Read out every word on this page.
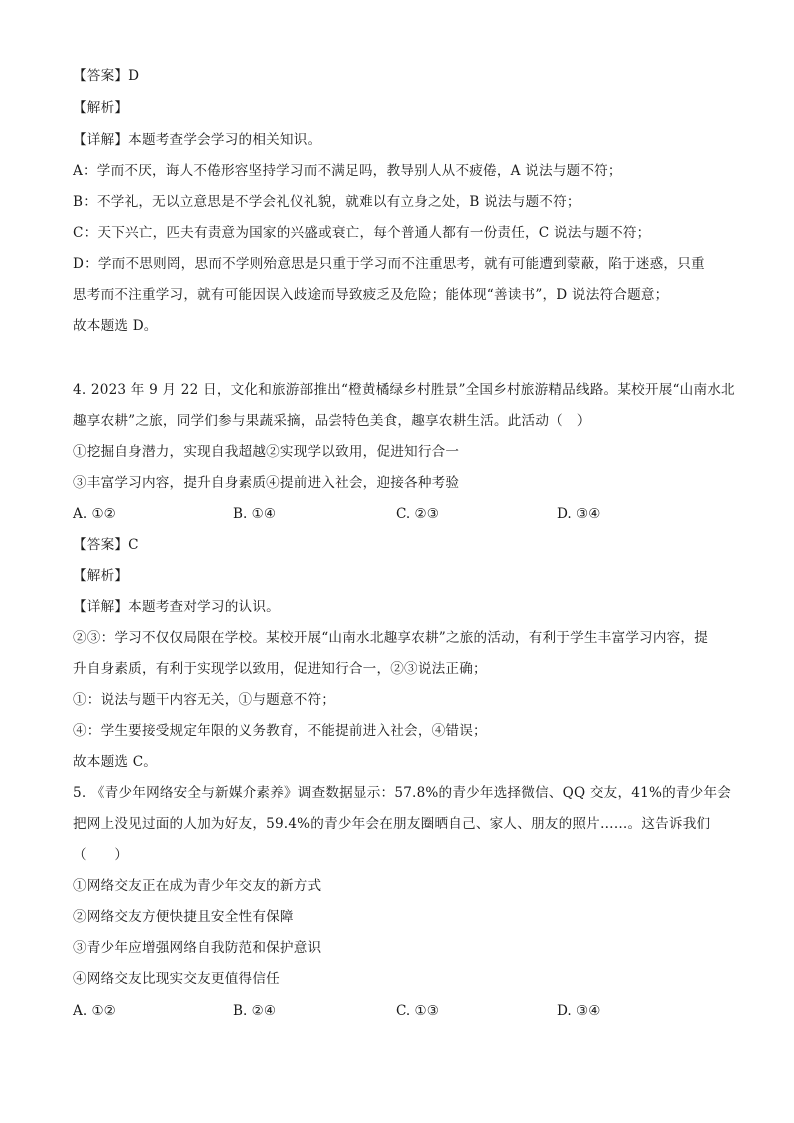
【答案】D
【解析】
【详解】本题考查学会学习的相关知识。
A：学而不厌，诲人不倦形容坚持学习而不满足吗，教导别人从不疲倦，A 说法与题不符；
B：不学礼，无以立意思是不学会礼仪礼貌，就难以有立身之处，B 说法与题不符；
C：天下兴亡，匹夫有责意为国家的兴盛或衰亡，每个普通人都有一份责任，C 说法与题不符；
D：学而不思则罔，思而不学则殆意思是只重于学习而不注重思考，就有可能遭到蒙蔽，陷于迷惑，只重
思考而不注重学习，就有可能因误入歧途而导致疲乏及危险；能体现“善读书”，D 说法符合题意；
故本题选 D。
4. 2023 年 9 月 22 日，文化和旅游部推出“橙黄橘绿乡村胜景”全国乡村旅游精品线路。某校开展“山南水北
趣享农耕”之旅，同学们参与果蔬采摘，品尝特色美食，趣享农耕生活。此活动（　）
①挖掘自身潜力，实现自我超越②实现学以致用，促进知行合一
③丰富学习内容，提升自身素质④提前进入社会，迎接各种考验
A. ①②	B. ①④	C. ②③	D. ③④
【答案】C
【解析】
【详解】本题考查对学习的认识。
②③：学习不仅仅局限在学校。某校开展“山南水北趣享农耕”之旅的活动，有利于学生丰富学习内容，提
升自身素质，有利于实现学以致用，促进知行合一，②③说法正确；
①：说法与题干内容无关，①与题意不符；
④：学生要接受规定年限的义务教育，不能提前进入社会，④错误；
故本题选 C。
5. 《青少年网络安全与新媒介素养》调查数据显示：57.8%的青少年选择微信、QQ 交友，41%的青少年会
把网上没见过面的人加为好友，59.4%的青少年会在朋友圈晒自己、家人、朋友的照片……。这告诉我们
（　　）
①网络交友正在成为青少年交友的新方式
②网络交友方便快捷且安全性有保障
③青少年应增强网络自我防范和保护意识
④网络交友比现实交友更值得信任
A. ①②	B. ②④	C. ①③	D. ③④
